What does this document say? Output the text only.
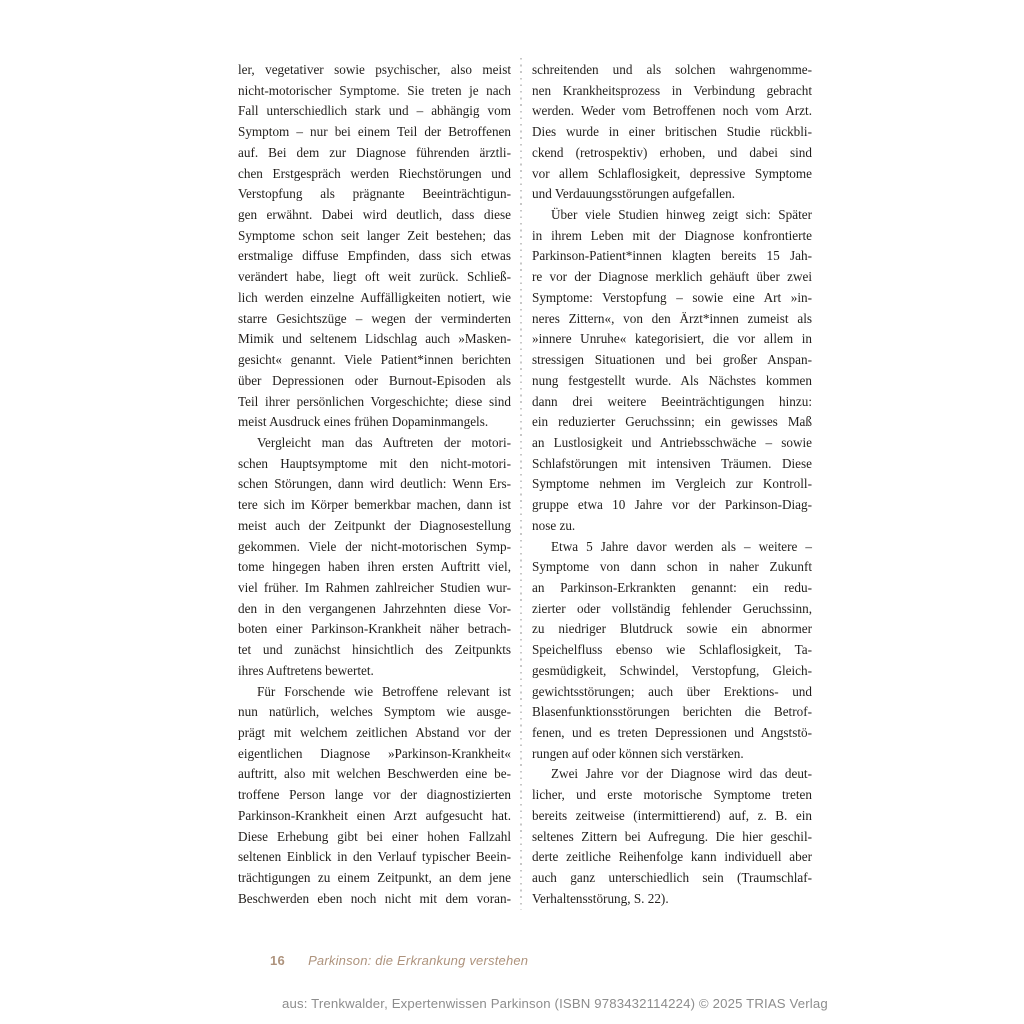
ler, vegetativer sowie psychischer, also meist
nicht-motorischer Symptome. Sie treten je nach
Fall unterschiedlich stark und – abhängig vom
Symptom – nur bei einem Teil der Betroffenen
auf. Bei dem zur Diagnose führenden ärztli-
chen Erstgespräch werden Riechstörungen und
Verstopfung als prägnante Beeinträchtigun-
gen erwähnt. Dabei wird deutlich, dass diese
Symptome schon seit langer Zeit bestehen; das
erstmalige diffuse Empfinden, dass sich etwas
verändert habe, liegt oft weit zurück. Schließ-
lich werden einzelne Auffälligkeiten notiert, wie
starre Gesichtszüge – wegen der verminderten
Mimik und seltenem Lidschlag auch »Masken-
gesicht« genannt. Viele Patient*innen berichten
über Depressionen oder Burnout-Episoden als
Teil ihrer persönlichen Vorgeschichte; diese sind
meist Ausdruck eines frühen Dopaminmangels.
Vergleicht man das Auftreten der motori-
schen Hauptsymptome mit den nicht-motori-
schen Störungen, dann wird deutlich: Wenn Ers-
tere sich im Körper bemerkbar machen, dann ist
meist auch der Zeitpunkt der Diagnosestellung
gekommen. Viele der nicht-motorischen Symp-
tome hingegen haben ihren ersten Auftritt viel,
viel früher. Im Rahmen zahlreicher Studien wur-
den in den vergangenen Jahrzehnten diese Vor-
boten einer Parkinson-Krankheit näher betrach-
tet und zunächst hinsichtlich des Zeitpunkts
ihres Auftretens bewertet.
Für Forschende wie Betroffene relevant ist
nun natürlich, welches Symptom wie ausge-
prägt mit welchem zeitlichen Abstand vor der
eigentlichen Diagnose »Parkinson-Krankheit«
auftritt, also mit welchen Beschwerden eine be-
troffene Person lange vor der diagnostizierten
Parkinson-Krankheit einen Arzt aufgesucht hat.
Diese Erhebung gibt bei einer hohen Fallzahl
seltenen Einblick in den Verlauf typischer Beein-
trächtigungen zu einem Zeitpunkt, an dem jene
Beschwerden eben noch nicht mit dem voran-
schreitenden und als solchen wahrgenomme-
nen Krankheitsprozess in Verbindung gebracht
werden. Weder vom Betroffenen noch vom Arzt.
Dies wurde in einer britischen Studie rückbli-
ckend (retrospektiv) erhoben, und dabei sind
vor allem Schlaflosigkeit, depressive Symptome
und Verdauungsstörungen aufgefallen.
Über viele Studien hinweg zeigt sich: Später
in ihrem Leben mit der Diagnose konfrontierte
Parkinson-Patient*innen klagten bereits 15 Jah-
re vor der Diagnose merklich gehäuft über zwei
Symptome: Verstopfung – sowie eine Art »in-
neres Zittern«, von den Ärzt*innen zumeist als
»innere Unruhe« kategorisiert, die vor allem in
stressigen Situationen und bei großer Anspan-
nung festgestellt wurde. Als Nächstes kommen
dann drei weitere Beeinträchtigungen hinzu:
ein reduzierter Geruchssinn; ein gewisses Maß
an Lustlosigkeit und Antriebsschwäche – sowie
Schlafstörungen mit intensiven Träumen. Diese
Symptome nehmen im Vergleich zur Kontroll-
gruppe etwa 10 Jahre vor der Parkinson-Diag-
nose zu.
Etwa 5 Jahre davor werden als – weitere –
Symptome von dann schon in naher Zukunft
an Parkinson-Erkrankten genannt: ein redu-
zierter oder vollständig fehlender Geruchssinn,
zu niedriger Blutdruck sowie ein abnormer
Speichelfluss ebenso wie Schlaflosigkeit, Ta-
gesmüdigkeit, Schwindel, Verstopfung, Gleich-
gewichtsstörungen; auch über Erektions- und
Blasenfunktionsstörungen berichten die Betrof-
fenen, und es treten Depressionen und Angststö-
rungen auf oder können sich verstärken.
Zwei Jahre vor der Diagnose wird das deut-
licher, und erste motorische Symptome treten
bereits zeitweise (intermittierend) auf, z. B. ein
seltenes Zittern bei Aufregung. Die hier geschil-
derte zeitliche Reihenfolge kann individuell aber
auch ganz unterschiedlich sein (Traumschlaf-
Verhaltensstörung, S. 22).
16 Parkinson: die Erkrankung verstehen
aus: Trenkwalder, Expertenwissen Parkinson (ISBN 9783432114224) © 2025 TRIAS Verlag
